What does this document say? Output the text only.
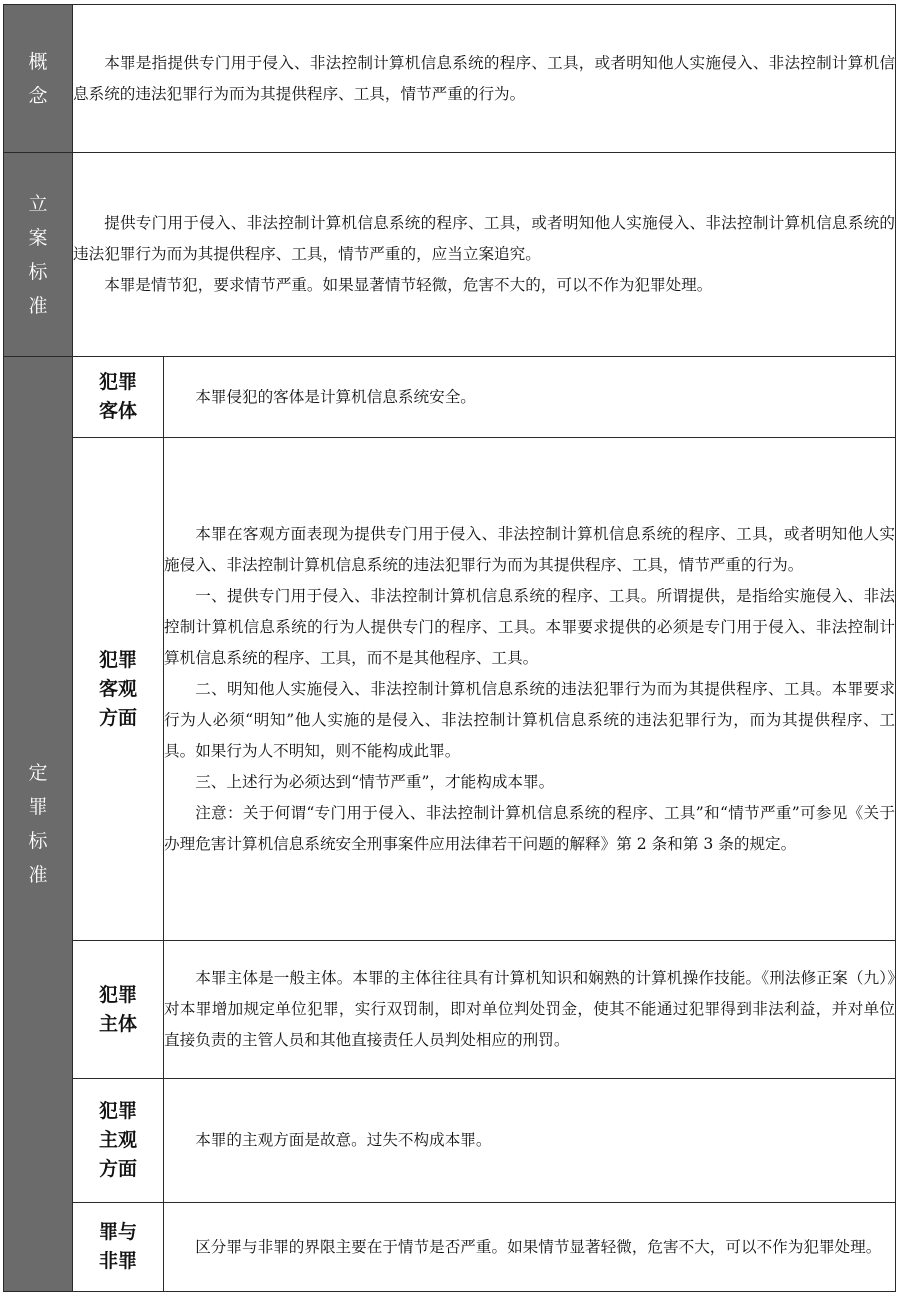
概念	本罪是指提供专门用于侵入、非法控制计算机信息系统的程序、工具，或者明知他人实施侵入、非法控制计算机信息系统的违法犯罪行为而为其提供程序、工具，情节严重的行为。	

立案标准	提供专门用于侵入、非法控制计算机信息系统的程序、工具，或者明知他人实施侵入、非法控制计算机信息系统的违法犯罪行为而为其提供程序、工具，情节严重的，应当立案追究。

本罪是情节犯，要求情节严重。如果显著情节轻微，危害不大的，可以不作为犯罪处理。	

定罪标准	犯罪客体	本罪侵犯的客体是计算机信息系统安全。

	犯罪客观方面	本罪在客观方面表现为提供专门用于侵入、非法控制计算机信息系统的程序、工具，或者明知他人实施侵入、非法控制计算机信息系统的违法犯罪行为而为其提供程序、工具，情节严重的行为。

一、提供专门用于侵入、非法控制计算机信息系统的程序、工具。所谓提供，是指给实施侵入、非法控制计算机信息系统的行为人提供专门的程序、工具。本罪要求提供的必须是专门用于侵入、非法控制计算机信息系统的程序、工具，而不是其他程序、工具。

二、明知他人实施侵入、非法控制计算机信息系统的违法犯罪行为而为其提供程序、工具。本罪要求行为人必须“明知”他人实施的是侵入、非法控制计算机信息系统的违法犯罪行为，而为其提供程序、工具。如果行为人不明知，则不能构成此罪。

三、上述行为必须达到“情节严重”，才能构成本罪。

注意：关于何谓“专门用于侵入、非法控制计算机信息系统的程序、工具”和“情节严重”可参见《关于办理危害计算机信息系统安全刑事案件应用法律若干问题的解释》第 2 条和第 3 条的规定。

	犯罪主体	本罪主体是一般主体。本罪的主体往往具有计算机知识和娴熟的计算机操作技能。《刑法修正案（九）》对本罪增加规定单位犯罪，实行双罚制，即对单位判处罚金，使其不能通过犯罪得到非法利益，并对单位直接负责的主管人员和其他直接责任人员判处相应的刑罚。

	犯罪主观方面	本罪的主观方面是故意。过失不构成本罪。

	罪与非罪	区分罪与非罪的界限主要在于情节是否严重。如果情节显著轻微，危害不大，可以不作为犯罪处理。
